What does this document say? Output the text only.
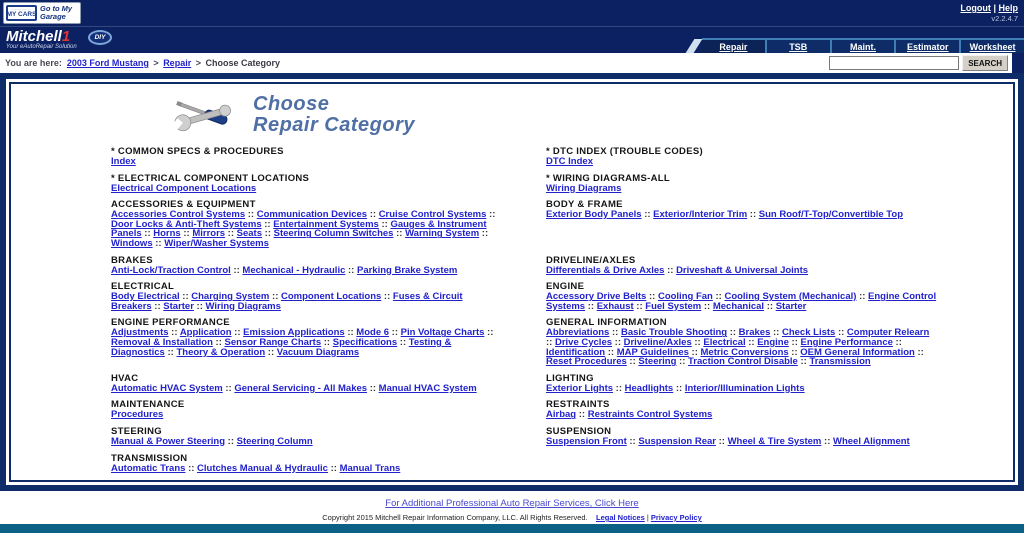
----------
MY CARS
Go to My Garage
Logout | Help
v2.2.4.7
Mitchell1
Your eAutoRepair Solution
DIY
Repair	TSB	Maint.	Estimator	Worksheet
You are here: 2003 Ford Mustang > Repair > Choose Category	SEARCH
Choose
Repair Category
* COMMON SPECS & PROCEDURES
Index
* DTC INDEX (TROUBLE CODES)
DTC Index
* ELECTRICAL COMPONENT LOCATIONS
Electrical Component Locations
* WIRING DIAGRAMS-ALL
Wiring Diagrams
ACCESSORIES & EQUIPMENT
Accessories Control Systems :: Communication Devices :: Cruise Control Systems :: Door Locks & Anti-Theft Systems :: Entertainment Systems :: Gauges & Instrument Panels :: Horns :: Mirrors :: Seats :: Steering Column Switches :: Warning System :: Windows :: Wiper/Washer Systems
BODY & FRAME
Exterior Body Panels :: Exterior/Interior Trim :: Sun Roof/T-Top/Convertible Top
BRAKES
Anti-Lock/Traction Control :: Mechanical - Hydraulic :: Parking Brake System
DRIVELINE/AXLES
Differentials & Drive Axles :: Driveshaft & Universal Joints
ELECTRICAL
Body Electrical :: Charging System :: Component Locations :: Fuses & Circuit Breakers :: Starter :: Wiring Diagrams
ENGINE
Accessory Drive Belts :: Cooling Fan :: Cooling System (Mechanical) :: Engine Control Systems :: Exhaust :: Fuel System :: Mechanical :: Starter
ENGINE PERFORMANCE
Adjustments :: Application :: Emission Applications :: Mode 6 :: Pin Voltage Charts :: Removal & Installation :: Sensor Range Charts :: Specifications :: Testing & Diagnostics :: Theory & Operation :: Vacuum Diagrams
GENERAL INFORMATION
Abbreviations :: Basic Trouble Shooting :: Brakes :: Check Lists :: Computer Relearn :: Drive Cycles :: Driveline/Axles :: Electrical :: Engine :: Engine Performance :: Identification :: MAP Guidelines :: Metric Conversions :: OEM General Information :: Reset Procedures :: Steering :: Traction Control Disable :: Transmission
HVAC
Automatic HVAC System :: General Servicing - All Makes :: Manual HVAC System
LIGHTING
Exterior Lights :: Headlights :: Interior/Illumination Lights
MAINTENANCE
Procedures
RESTRAINTS
Airbag :: Restraints Control Systems
STEERING
Manual & Power Steering :: Steering Column
SUSPENSION
Suspension Front :: Suspension Rear :: Wheel & Tire System :: Wheel Alignment
TRANSMISSION
Automatic Trans :: Clutches Manual & Hydraulic :: Manual Trans
For Additional Professional Auto Repair Services, Click Here
Copyright 2015 Mitchell Repair Information Company, LLC. All Rights Reserved. Legal Notices | Privacy Policy
